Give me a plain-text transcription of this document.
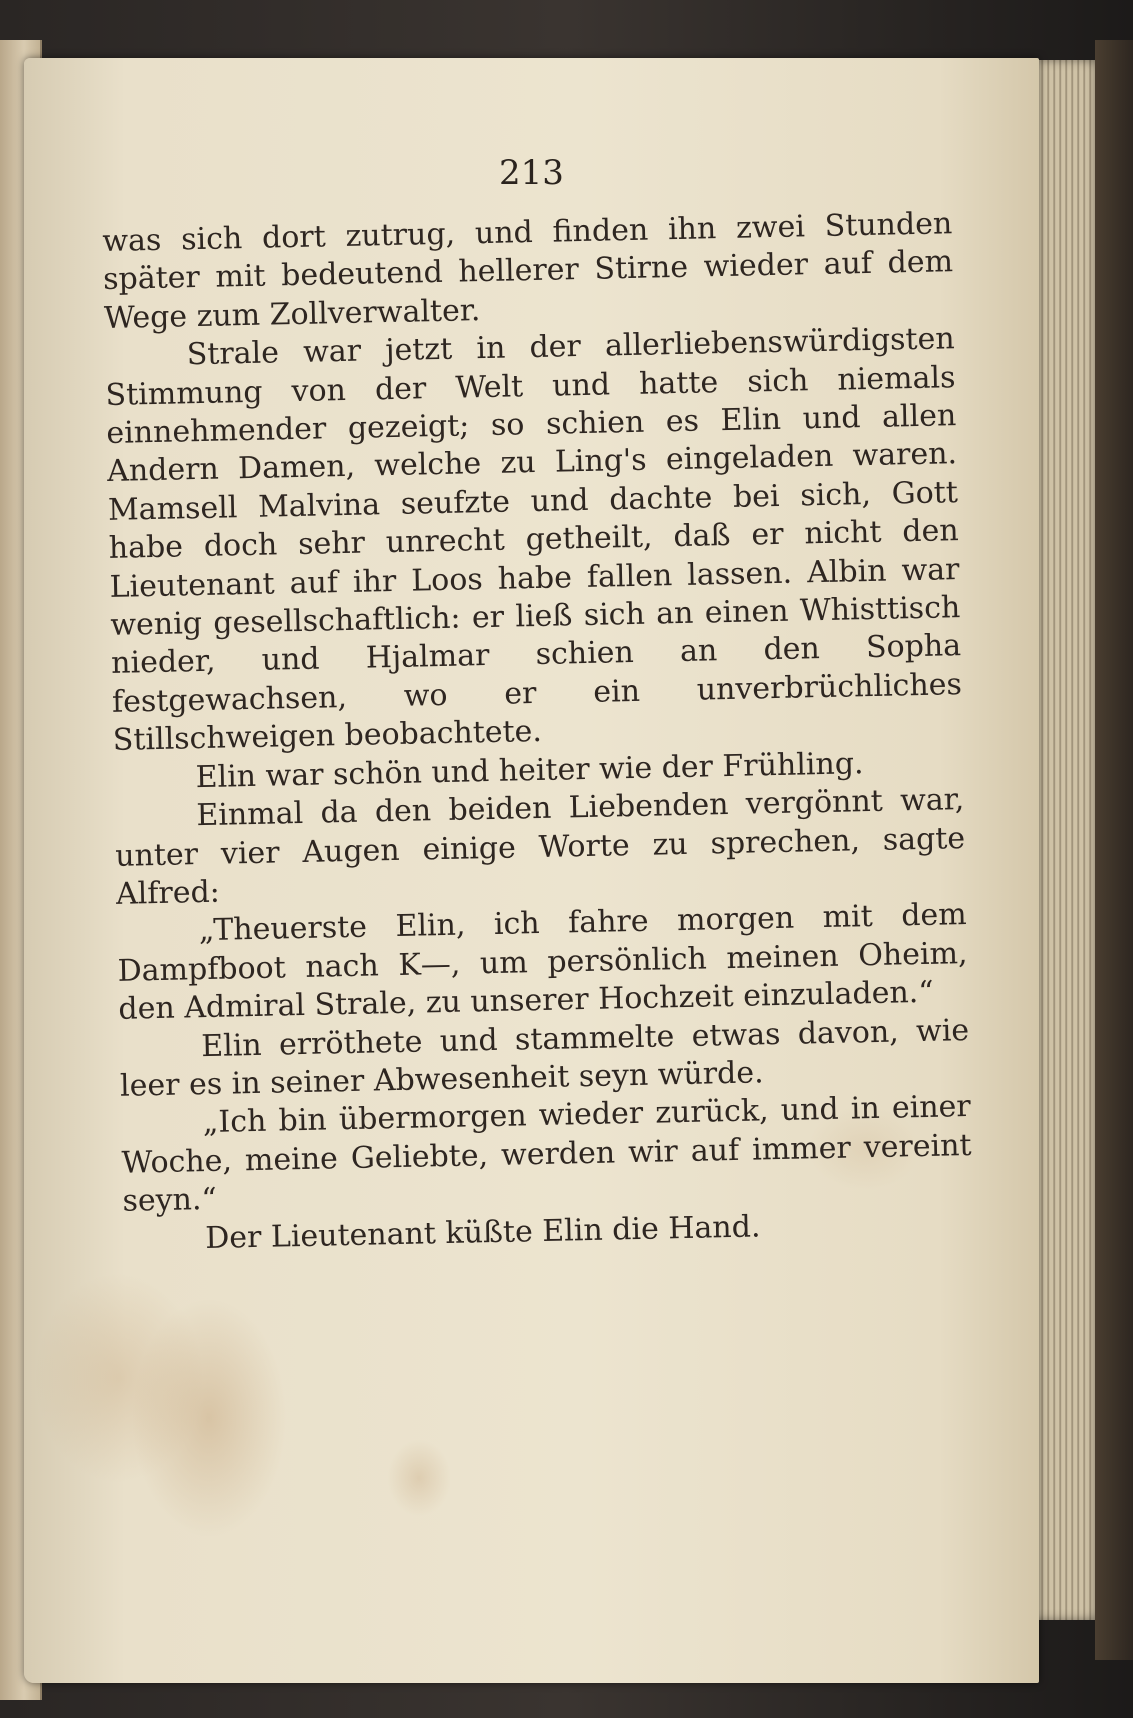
213

was sich dort zutrug, und finden ihn zwei Stunden später mit bedeutend hellerer Stirne wieder auf dem Wege zum Zollverwalter.

Strale war jetzt in der allerliebenswürdigsten Stimmung von der Welt und hatte sich niemals einnehmender gezeigt; so schien es Elin und allen Andern Damen, welche zu Ling's eingeladen waren. Mamsell Malvina seufzte und dachte bei sich, Gott habe doch sehr unrecht getheilt, daß er nicht den Lieutenant auf ihr Loos habe fallen lassen. Albin war wenig gesellschaftlich: er ließ sich an einen Whisttisch nieder, und Hjalmar schien an den Sopha festgewachsen, wo er ein unverbrüchliches Stillschweigen beobachtete.

Elin war schön und heiter wie der Frühling.

Einmal da den beiden Liebenden vergönnt war, unter vier Augen einige Worte zu sprechen, sagte Alfred:

„Theuerste Elin, ich fahre morgen mit dem Dampfboot nach K—, um persönlich meinen Oheim, den Admiral Strale, zu unserer Hochzeit einzuladen.“

Elin erröthete und stammelte etwas davon, wie leer es in seiner Abwesenheit seyn würde.

„Ich bin übermorgen wieder zurück, und in einer Woche, meine Geliebte, werden wir auf immer vereint seyn.“

Der Lieutenant küßte Elin die Hand.
